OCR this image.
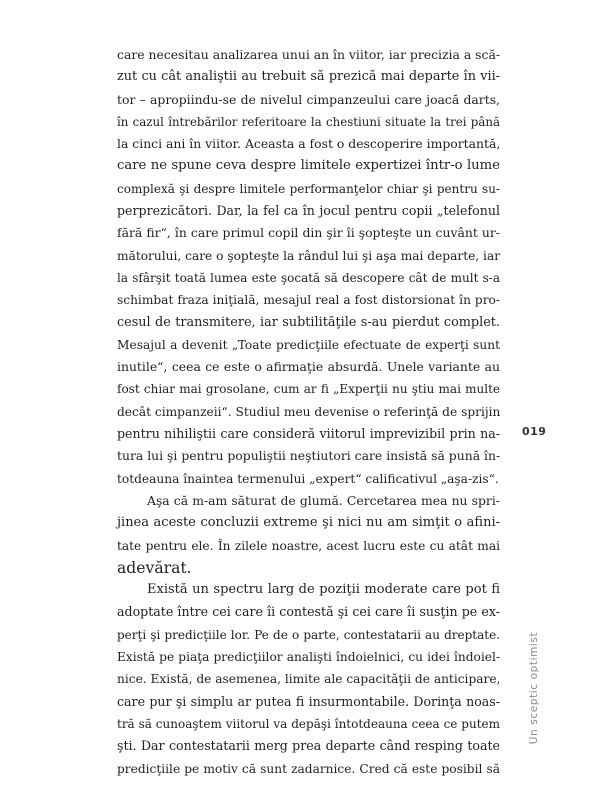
care necesitau analizarea unui an în viitor, iar precizia a scă-
zut cu cât analiştii au trebuit să prezică mai departe în vii-
tor – apropiindu-se de nivelul cimpanzeului care joacă darts,
în cazul întrebărilor referitoare la chestiuni situate la trei până
la cinci ani în viitor. Aceasta a fost o descoperire importantă,
care ne spune ceva despre limitele expertizei într-o lume
complexă şi despre limitele performanţelor chiar şi pentru su-
perprezicători. Dar, la fel ca în jocul pentru copii „telefonul
fără fir“, în care primul copil din şir îi şopteşte un cuvânt ur-
mătorului, care o şopteşte la rândul lui şi aşa mai departe, iar
la sfârşit toată lumea este şocată să descopere cât de mult s-a
schimbat fraza iniţială, mesajul real a fost distorsionat în pro-
cesul de transmitere, iar subtilităţile s-au pierdut complet.
Mesajul a devenit „Toate predicţiile efectuate de experţi sunt
inutile“, ceea ce este o afirmaţie absurdă. Unele variante au
fost chiar mai grosolane, cum ar fi „Experţii nu ştiu mai multe
decât cimpanzeii“. Studiul meu devenise o referinţă de sprijin
pentru nihiliştii care consideră viitorul imprevizibil prin na-
tura lui şi pentru populiştii neştiutori care insistă să pună în-
totdeauna înaintea termenului „expert“ calificativul „aşa-zis“.
Aşa că m-am săturat de glumă. Cercetarea mea nu spri-
jinea aceste concluzii extreme şi nici nu am simţit o afini-
tate pentru ele. În zilele noastre, acest lucru este cu atât mai
adevărat.
Există un spectru larg de poziţii moderate care pot fi
adoptate între cei care îi contestă şi cei care îi susţin pe ex-
perţi şi predicţiile lor. Pe de o parte, contestatarii au dreptate.
Există pe piaţa predicţiilor analişti îndoielnici, cu idei îndoiel-
nice. Există, de asemenea, limite ale capacităţii de anticipare,
care pur şi simplu ar putea fi insurmontabile. Dorinţa noas-
tră să cunoaştem viitorul va depăşi întotdeauna ceea ce putem
şti. Dar contestatarii merg prea departe când resping toate
predicţiile pe motiv că sunt zadarnice. Cred că este posibil să
019
Un sceptic optimist
